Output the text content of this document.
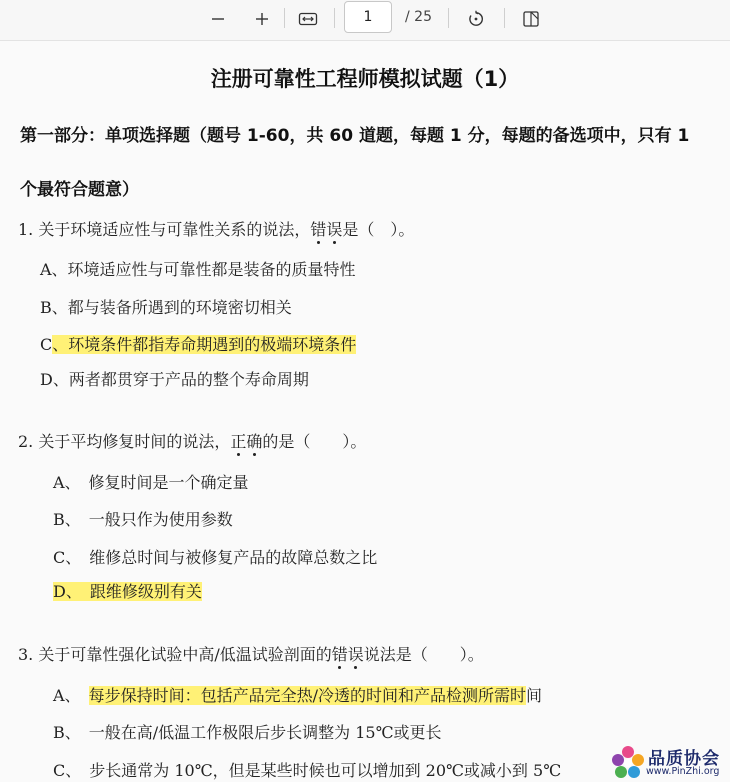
1
/ 25
注册可靠性工程师模拟试题（1）
第一部分：单项选择题（题号 1-60，共 60 道题，每题 1 分，每题的备选项中，只有 1
个最符合题意）
1. 关于环境适应性与可靠性关系的说法，错误是（　）。
A、环境适应性与可靠性都是装备的质量特性
B、都与装备所遇到的环境密切相关
C、环境条件都指寿命期遇到的极端环境条件
D、两者都贯穿于产品的整个寿命周期
2. 关于平均修复时间的说法，正确的是（　　）。
A、　修复时间是一个确定量
B、　一般只作为使用参数
C、　维修总时间与被修复产品的故障总数之比
D、　跟维修级别有关
3. 关于可靠性强化试验中高/低温试验剖面的错误说法是（　　）。
A、　每步保持时间：包括产品完全热/冷透的时间和产品检测所需时间
B、　一般在高/低温工作极限后步长调整为 15℃或更长
C、　步长通常为 10℃，但是某些时候也可以增加到 20℃或减小到 5℃
品质协会
www.PinZhi.org
